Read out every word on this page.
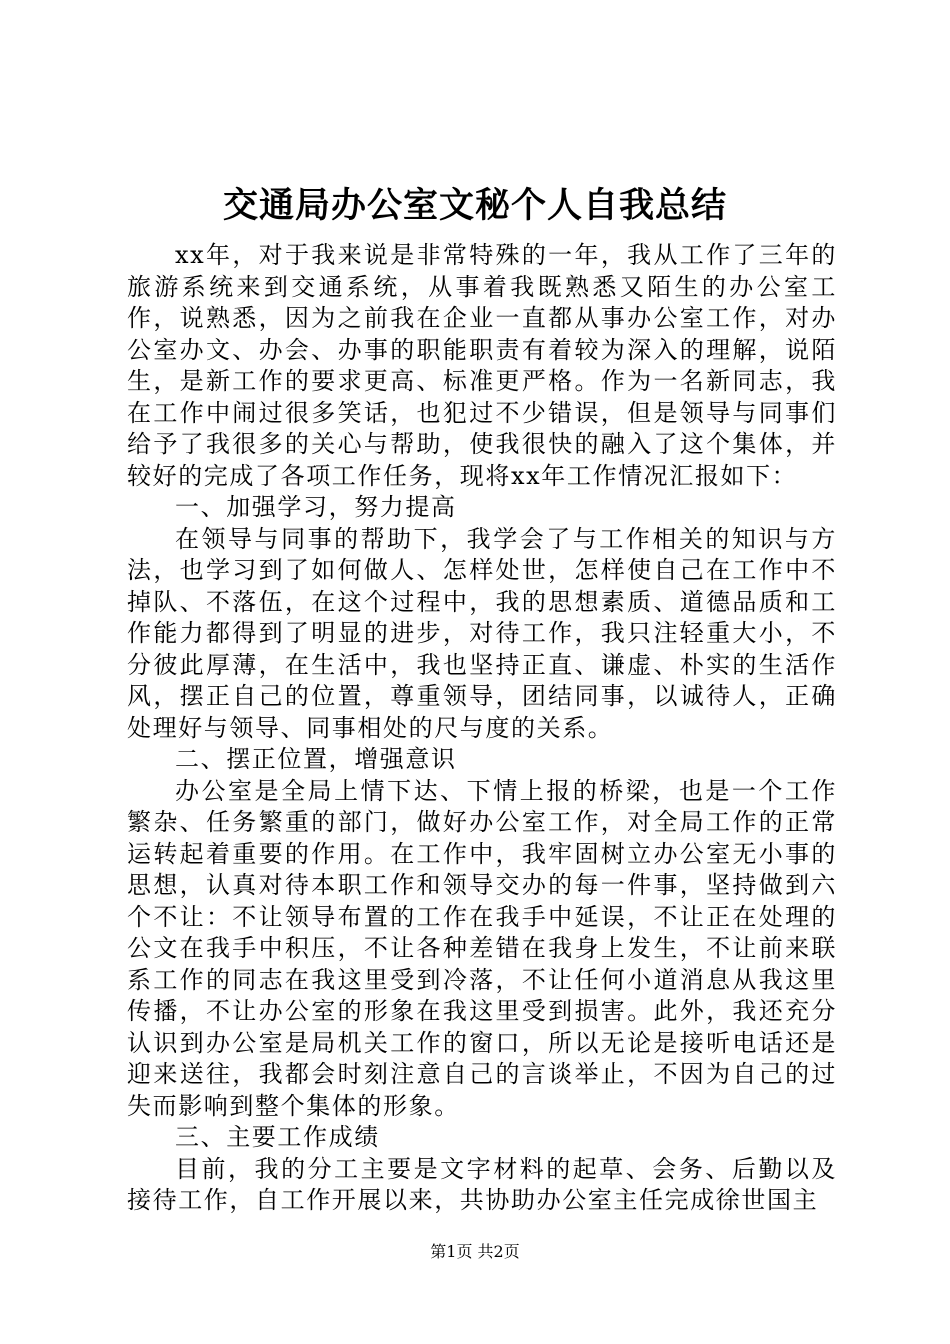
交通局办公室文秘个人自我总结

xx年，对于我来说是非常特殊的一年，我从工作了三年的旅游系统来到交通系统，从事着我既熟悉又陌生的办公室工作，说熟悉，因为之前我在企业一直都从事办公室工作，对办公室办文、办会、办事的职能职责有着较为深入的理解，说陌生，是新工作的要求更高、标准更严格。作为一名新同志，我在工作中闹过很多笑话，也犯过不少错误，但是领导与同事们给予了我很多的关心与帮助，使我很快的融入了这个集体，并较好的完成了各项工作任务，现将xx年工作情况汇报如下：

一、加强学习，努力提高

在领导与同事的帮助下，我学会了与工作相关的知识与方法，也学习到了如何做人、怎样处世，怎样使自己在工作中不掉队、不落伍，在这个过程中，我的思想素质、道德品质和工作能力都得到了明显的进步，对待工作，我只注轻重大小，不分彼此厚薄，在生活中，我也坚持正直、谦虚、朴实的生活作风，摆正自己的位置，尊重领导，团结同事，以诚待人，正确处理好与领导、同事相处的尺与度的关系。

二、摆正位置，增强意识

办公室是全局上情下达、下情上报的桥梁，也是一个工作繁杂、任务繁重的部门，做好办公室工作，对全局工作的正常运转起着重要的作用。在工作中，我牢固树立办公室无小事的思想，认真对待本职工作和领导交办的每一件事，坚持做到六个不让：不让领导布置的工作在我手中延误，不让正在处理的公文在我手中积压，不让各种差错在我身上发生，不让前来联系工作的同志在我这里受到冷落，不让任何小道消息从我这里传播，不让办公室的形象在我这里受到损害。此外，我还充分认识到办公室是局机关工作的窗口，所以无论是接听电话还是迎来送往，我都会时刻注意自己的言谈举止，不因为自己的过失而影响到整个集体的形象。

三、主要工作成绩

目前，我的分工主要是文字材料的起草、会务、后勤以及接待工作，自工作开展以来，共协助办公室主任完成徐世国主

第1页 共2页
